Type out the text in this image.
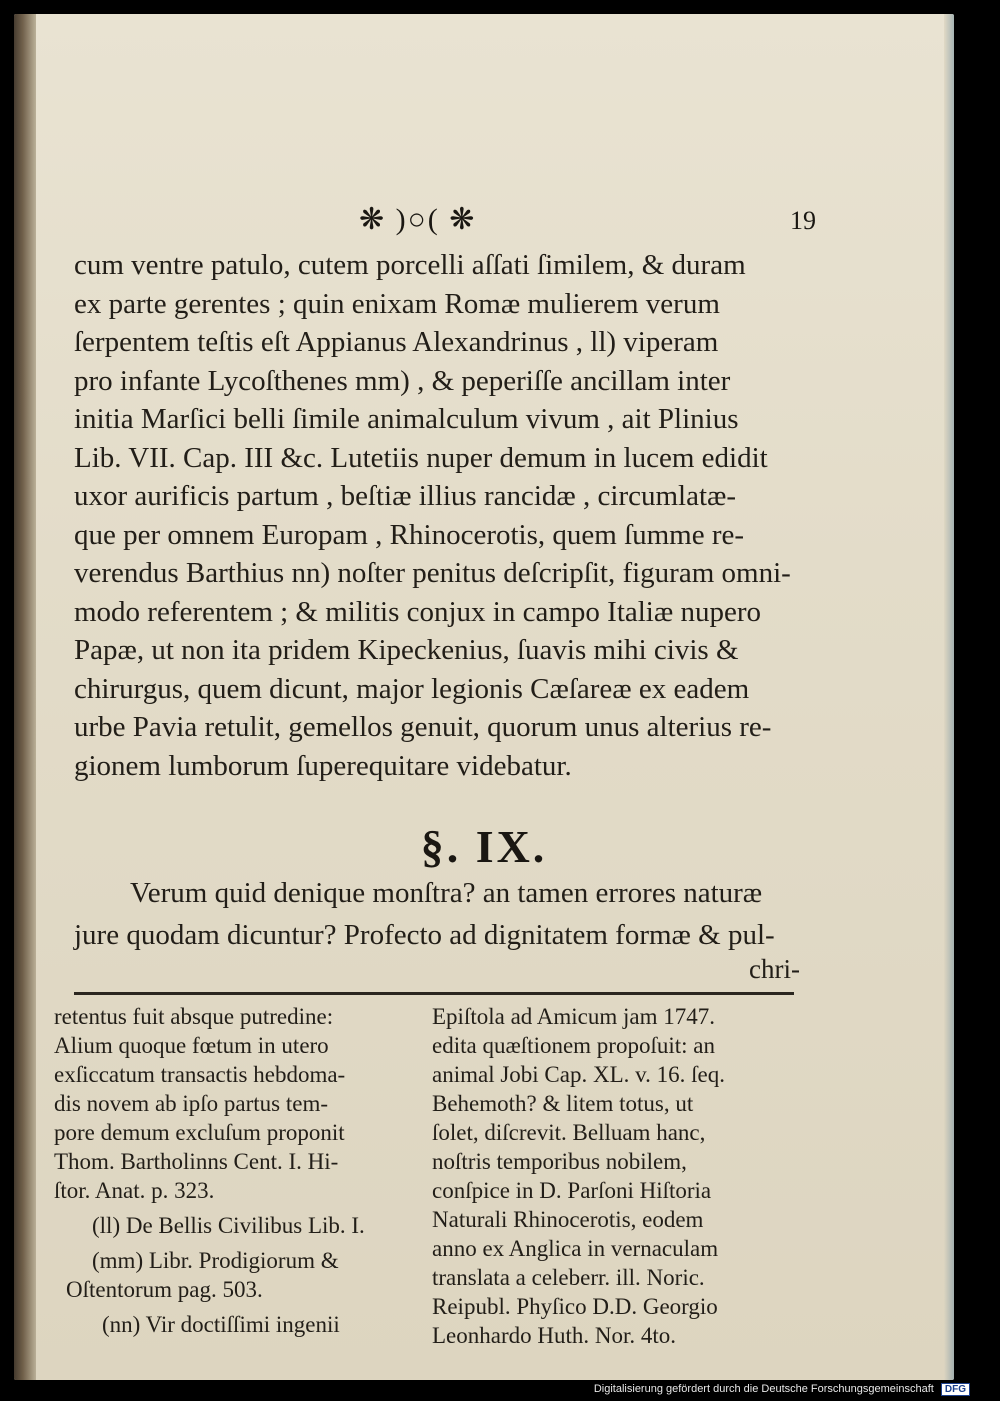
❋ )○( ❋	19
cum ventre patulo, cutem porcelli aſſati ſimilem, & duram
ex parte gerentes ; quin enixam Romæ mulierem verum
ſerpentem teſtis eſt Appianus Alexandrinus , ll) viperam
pro infante Lycoſthenes mm) , & peperiſſe ancillam inter
initia Marſici belli ſimile animalculum vivum , ait Plinius
Lib. VII. Cap. III &c. Lutetiis nuper demum in lucem edidit
uxor aurificis partum , beſtiæ illius rancidæ , circumlatæ-
que per omnem Europam , Rhinocerotis, quem ſumme re-
verendus Barthius nn) noſter penitus deſcripſit, figuram omni-
modo referentem ; & militis conjux in campo Italiæ nupero
Papæ, ut non ita pridem Kipeckenius, ſuavis mihi civis &
chirurgus, quem dicunt, major legionis Cæſareæ ex eadem
urbe Pavia retulit, gemellos genuit, quorum unus alterius re-
gionem lumborum ſuperequitare videbatur.
§. IX.
Verum quid denique monſtra? an tamen errores naturæ
jure quodam dicuntur? Profecto ad dignitatem formæ & pul-
chri-
retentus fuit absque putredine:
Alium quoque fœtum in utero
exſiccatum transactis hebdoma-
dis novem ab ipſo partus tem-
pore demum excluſum proponit
Thom. Bartholinns Cent. I. Hi-
ſtor. Anat. p. 323.
(ll) De Bellis Civilibus Lib. I.
(mm) Libr. Prodigiorum &
Oſtentorum pag. 503.
(nn) Vir doctiſſimi ingenii
Epiſtola ad Amicum jam 1747.
edita quæſtionem propoſuit: an
animal Jobi Cap. XL. v. 16. ſeq.
Behemoth? & litem totus, ut
ſolet, diſcrevit. Belluam hanc,
noſtris temporibus nobilem,
conſpice in D. Parſoni Hiſtoria
Naturali Rhinocerotis, eodem
anno ex Anglica in vernaculam
translata a celeberr. ill. Noric.
Reipubl. Phyſico D.D. Georgio
Leonhardo Huth. Nor. 4to.
Digitalisierung gefördert durch die Deutsche Forschungsgemeinschaft DFG
